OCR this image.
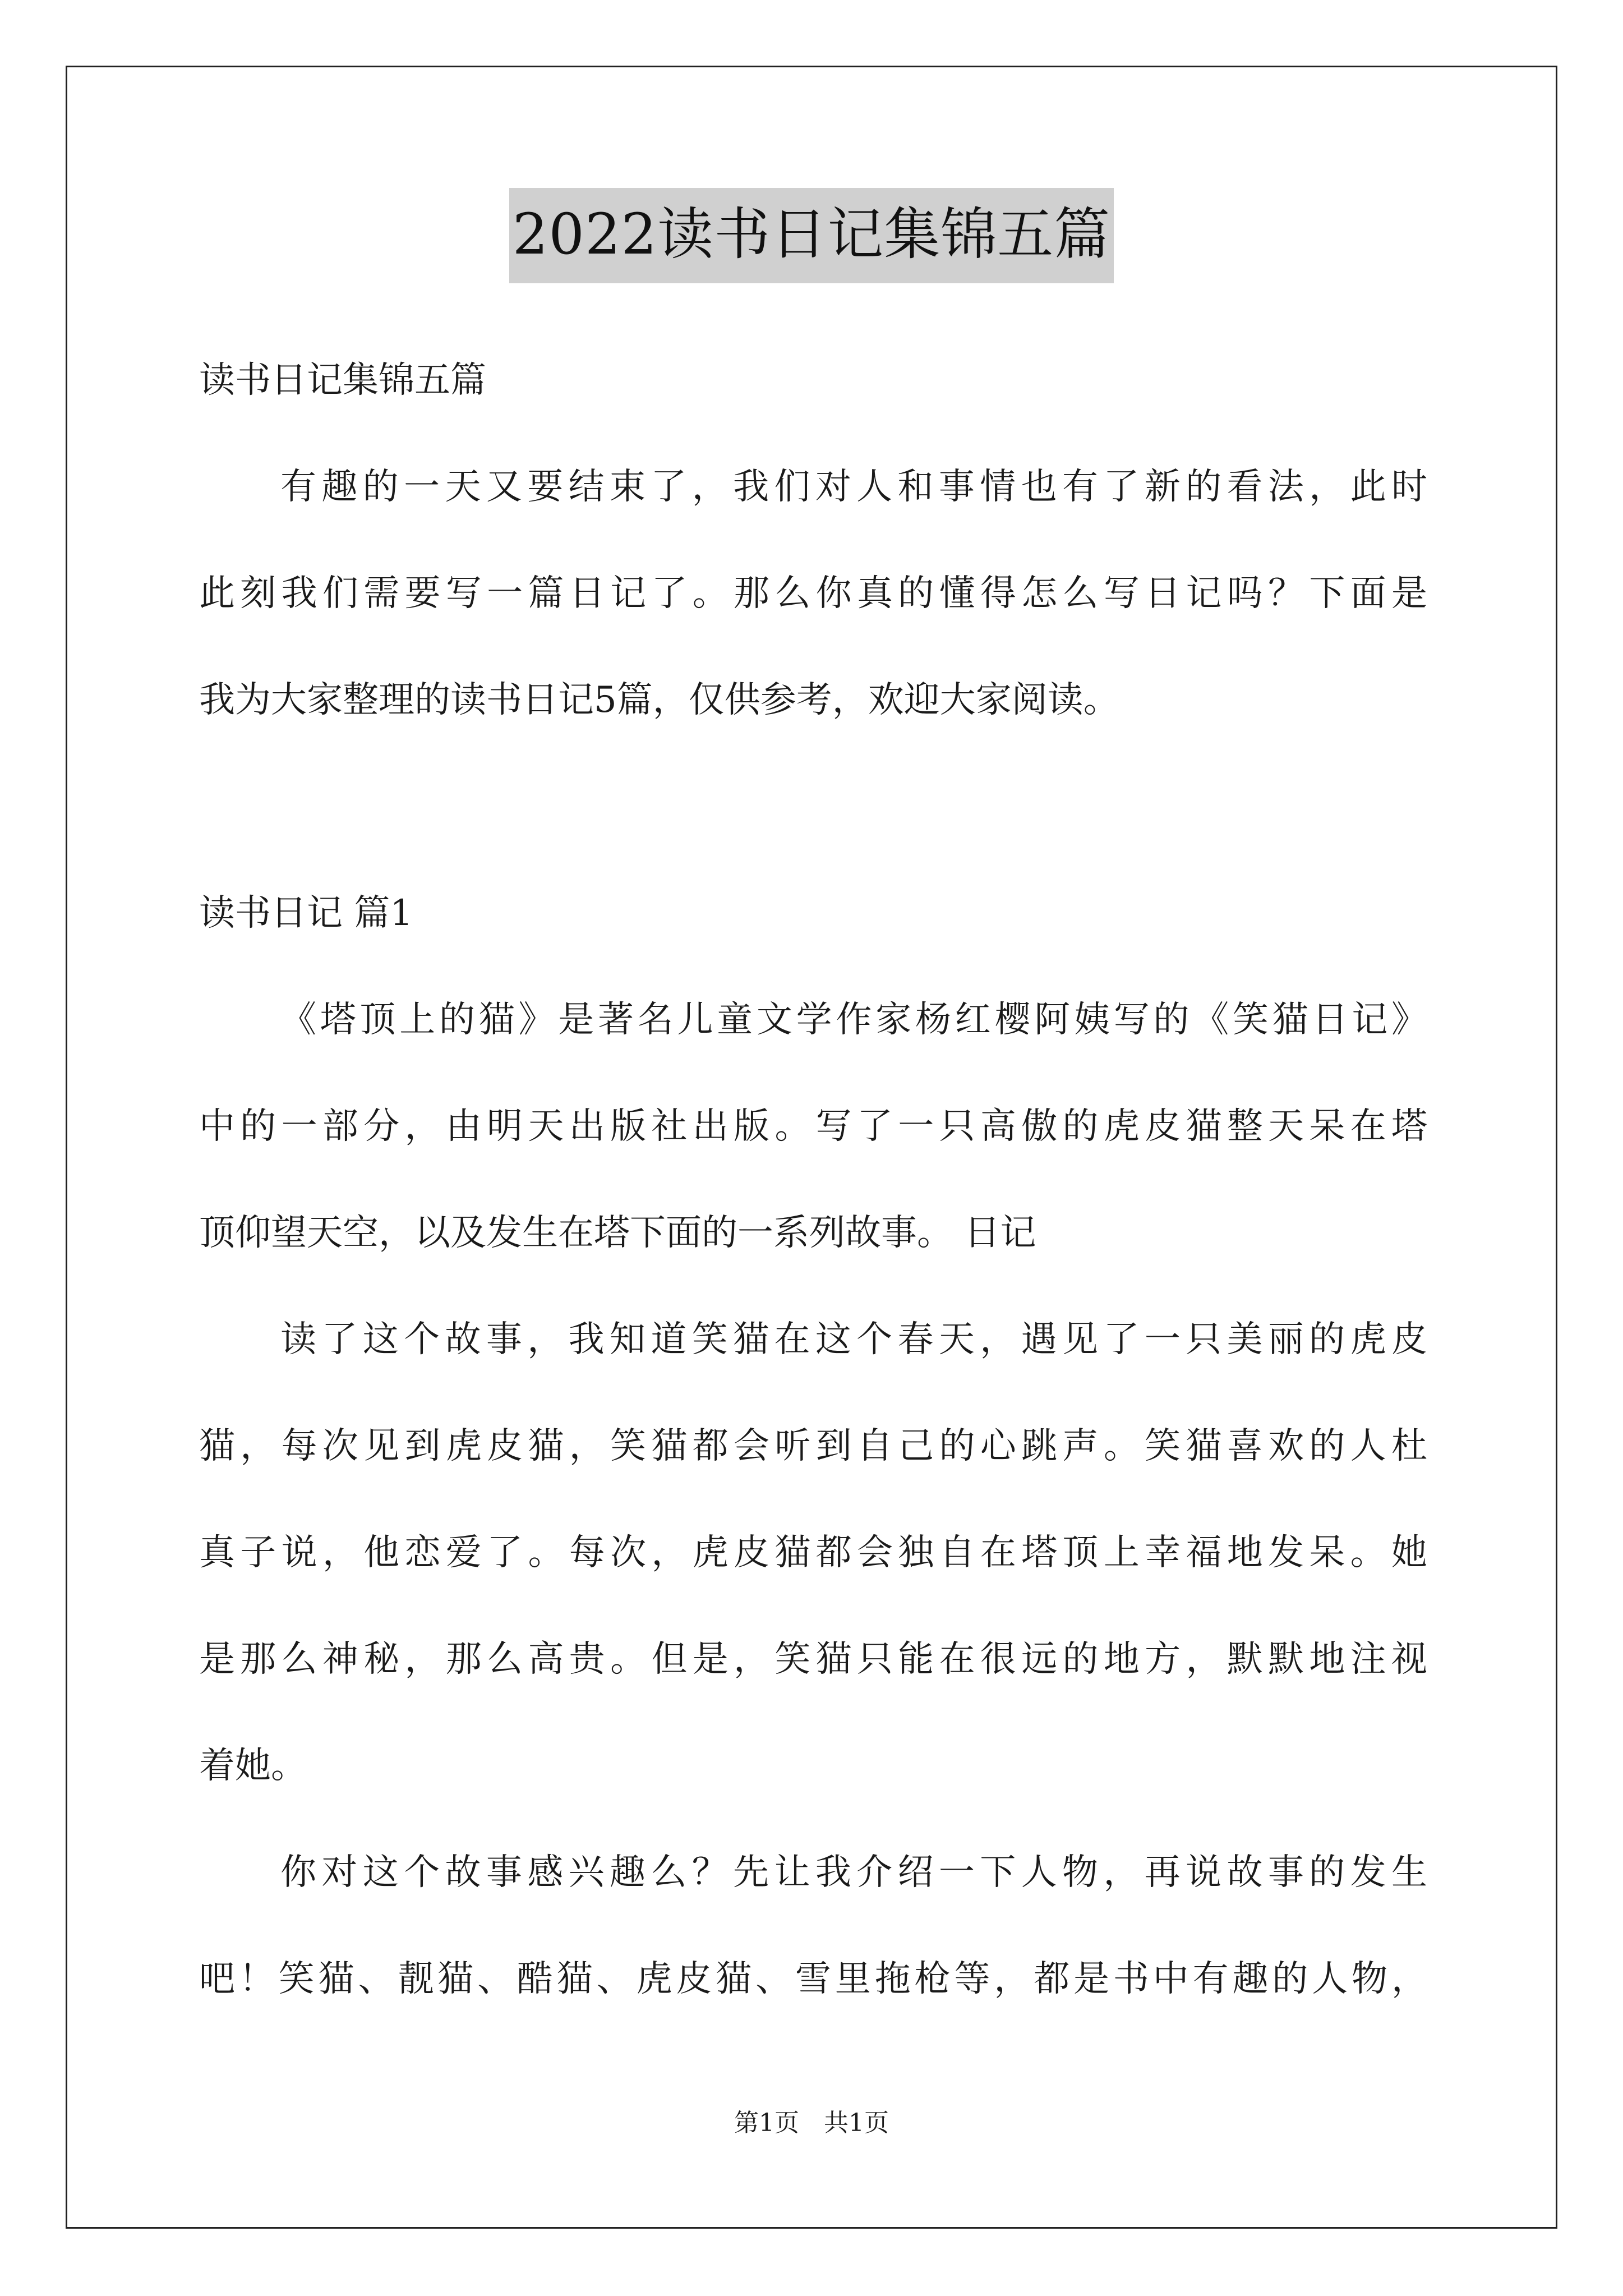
2022读书日记集锦五篇
读书日记集锦五篇
有趣的一天又要结束了，我们对人和事情也有了新的看法，此时
此刻我们需要写一篇日记了。那么你真的懂得怎么写日记吗？下面是
我为大家整理的读书日记5篇，仅供参考，欢迎大家阅读。
读书日记 篇1
《塔顶上的猫》是著名儿童文学作家杨红樱阿姨写的《笑猫日记》
中的一部分，由明天出版社出版。写了一只高傲的虎皮猫整天呆在塔
顶仰望天空，以及发生在塔下面的一系列故事。 日记
读了这个故事，我知道笑猫在这个春天，遇见了一只美丽的虎皮
猫，每次见到虎皮猫，笑猫都会听到自己的心跳声。笑猫喜欢的人杜
真子说，他恋爱了。每次，虎皮猫都会独自在塔顶上幸福地发呆。她
是那么神秘，那么高贵。但是，笑猫只能在很远的地方，默默地注视
着她。
你对这个故事感兴趣么？先让我介绍一下人物，再说故事的发生
吧！笑猫、靓猫、酷猫、虎皮猫、雪里拖枪等，都是书中有趣的人物，
第1页　共1页
